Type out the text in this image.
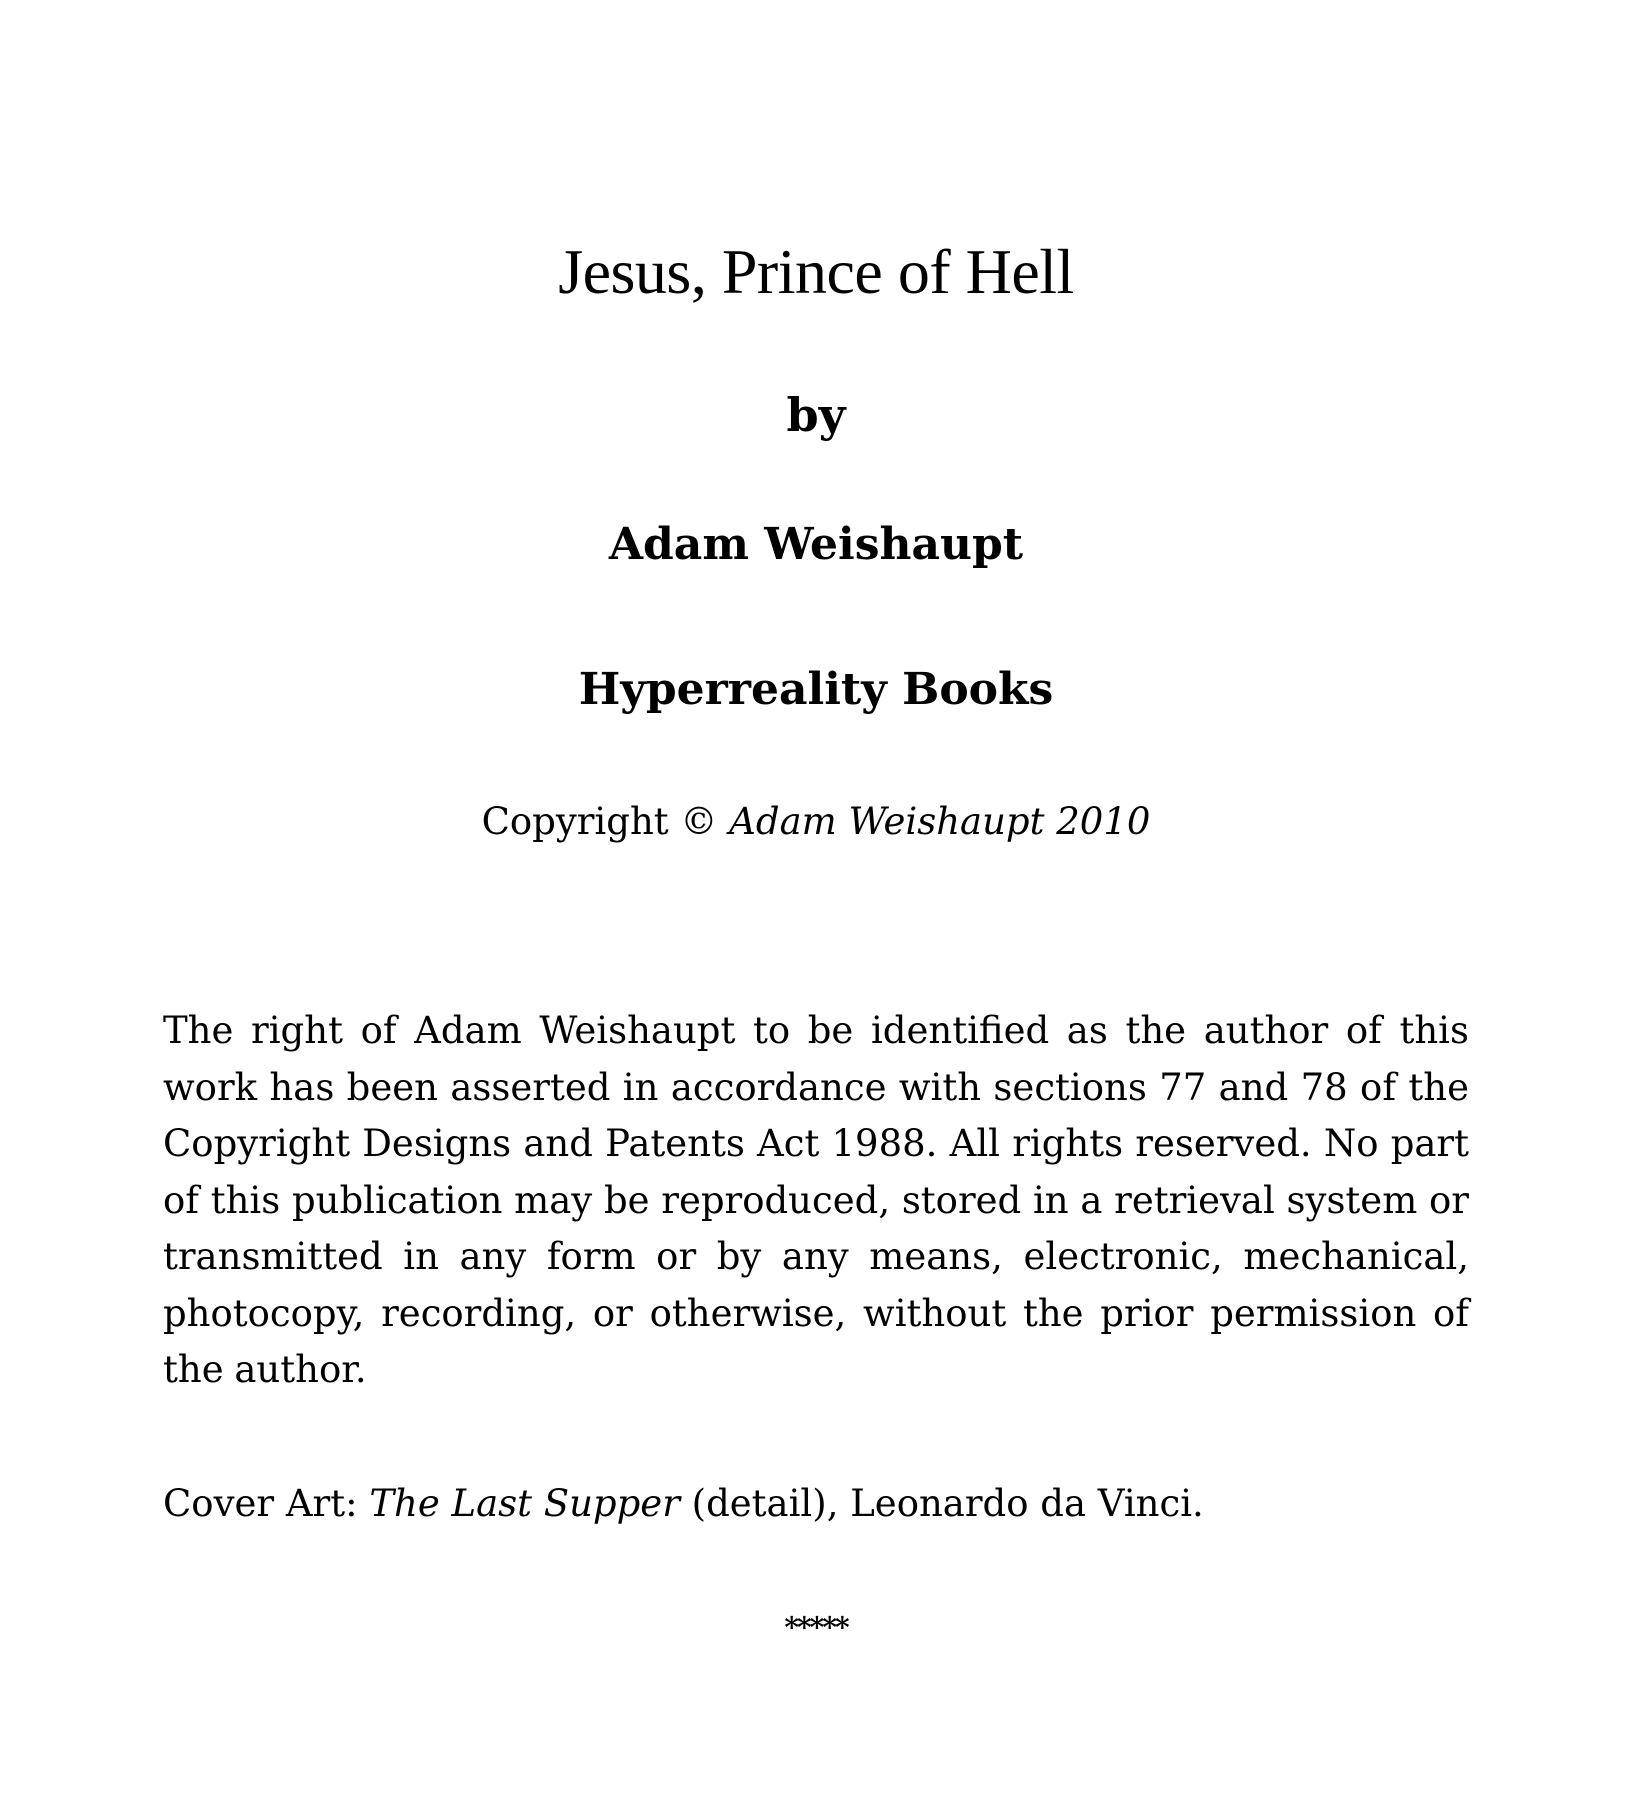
Jesus, Prince of Hell

by

Adam Weishaupt

Hyperreality Books

Copyright © Adam Weishaupt 2010

The right of Adam Weishaupt to be identified as the author of this work has been asserted in accordance with sections 77 and 78 of the Copyright Designs and Patents Act 1988. All rights reserved. No part of this publication may be reproduced, stored in a retrieval system or transmitted in any form or by any means, electronic, mechanical, photocopy, recording, or otherwise, without the prior permission of the author.

Cover Art: The Last Supper (detail), Leonardo da Vinci.

*****
